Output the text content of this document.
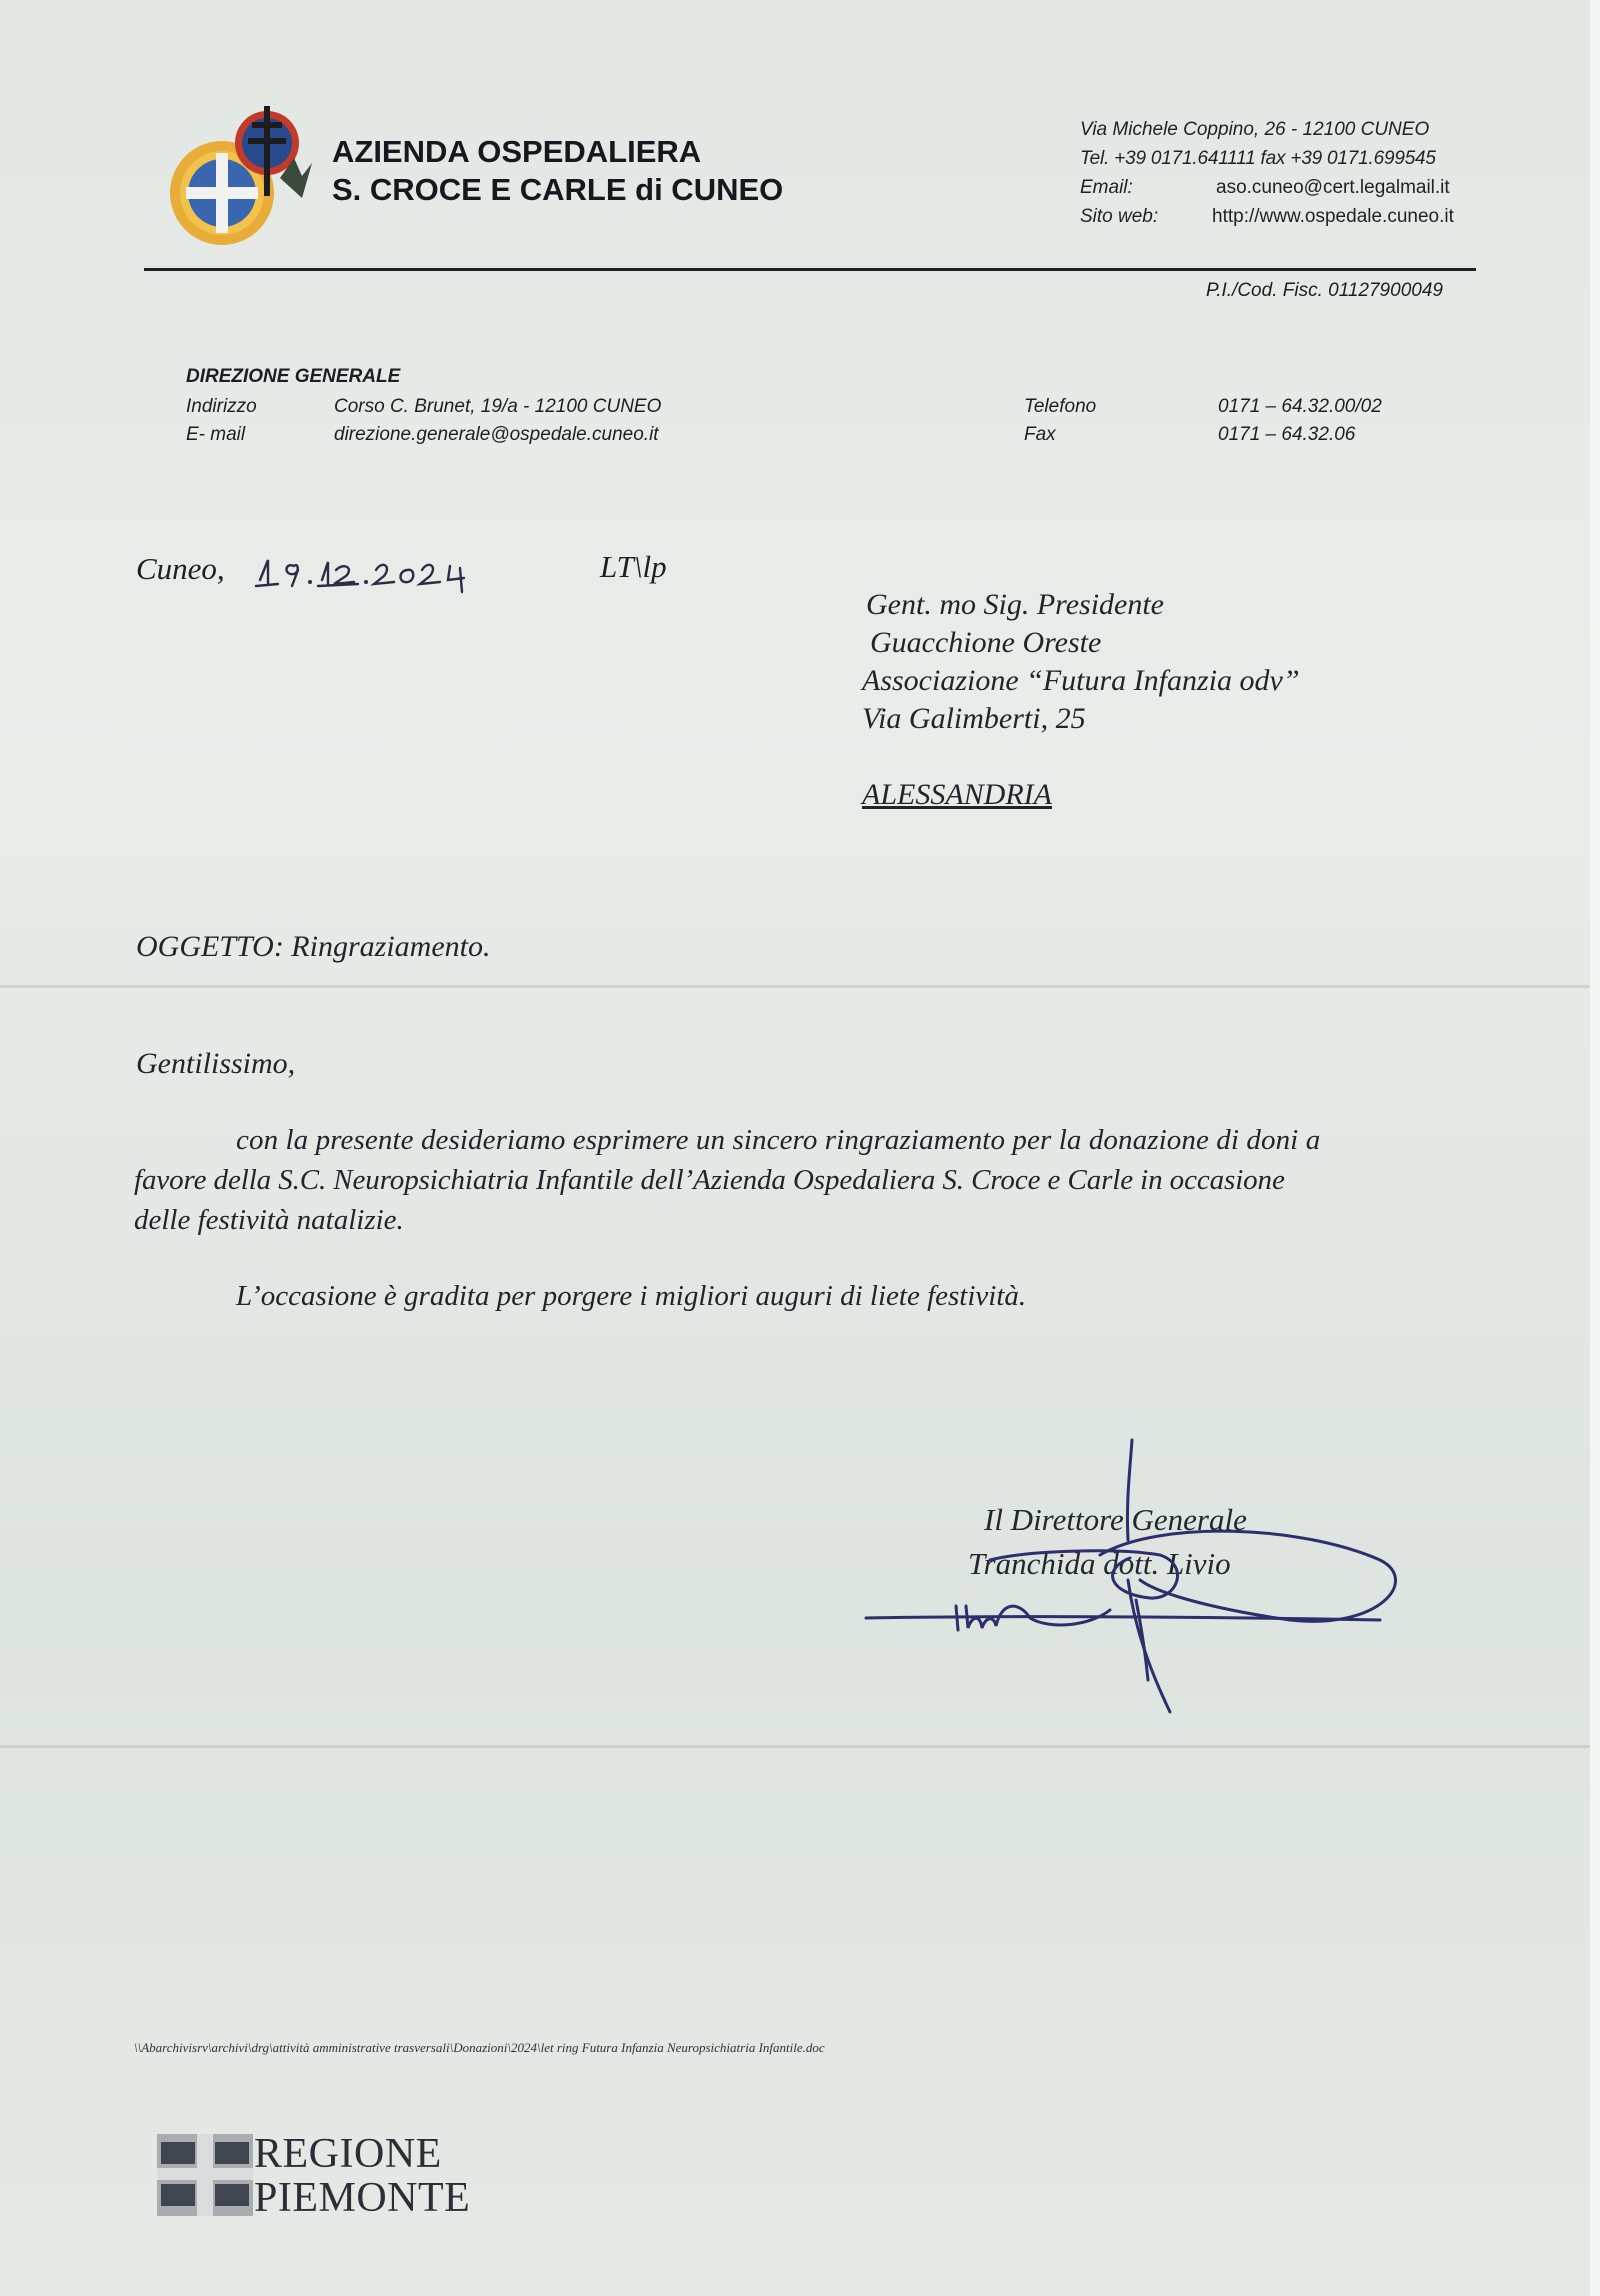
AZIENDA OSPEDALIERA
S. CROCE E CARLE di CUNEO
Via Michele Coppino, 26 - 12100 CUNEO
Tel. +39 0171.641111 fax +39 0171.699545
Email:	aso.cuneo@cert.legalmail.it
Sito web:	http://www.ospedale.cuneo.it
P.I./Cod. Fisc. 01127900049
DIREZIONE GENERALE
Indirizzo	Corso C. Brunet, 19/a - 12100 CUNEO
E- mail	direzione.generale@ospedale.cuneo.it
Telefono	0171 – 64.32.00/02
Fax	0171 – 64.32.06
Cuneo,	LT\lp
Gent. mo Sig. Presidente
Guacchione Oreste
Associazione “Futura Infanzia odv”
Via Galimberti, 25
ALESSANDRIA
OGGETTO: Ringraziamento.
Gentilissimo,
con la presente desideriamo esprimere un sincero ringraziamento per la donazione di doni a
favore della S.C. Neuropsichiatria Infantile dell’Azienda Ospedaliera S. Croce e Carle in occasione
delle festività natalizie.
L’occasione è gradita per porgere i migliori auguri di liete festività.
Il Direttore Generale
Tranchida dott. Livio
\\Abarchivisrv\archivi\drg\attività amministrative trasversali\Donazioni\2024\let ring Futura Infanzia Neuropsichiatria Infantile.doc
REGIONE
PIEMONTE
